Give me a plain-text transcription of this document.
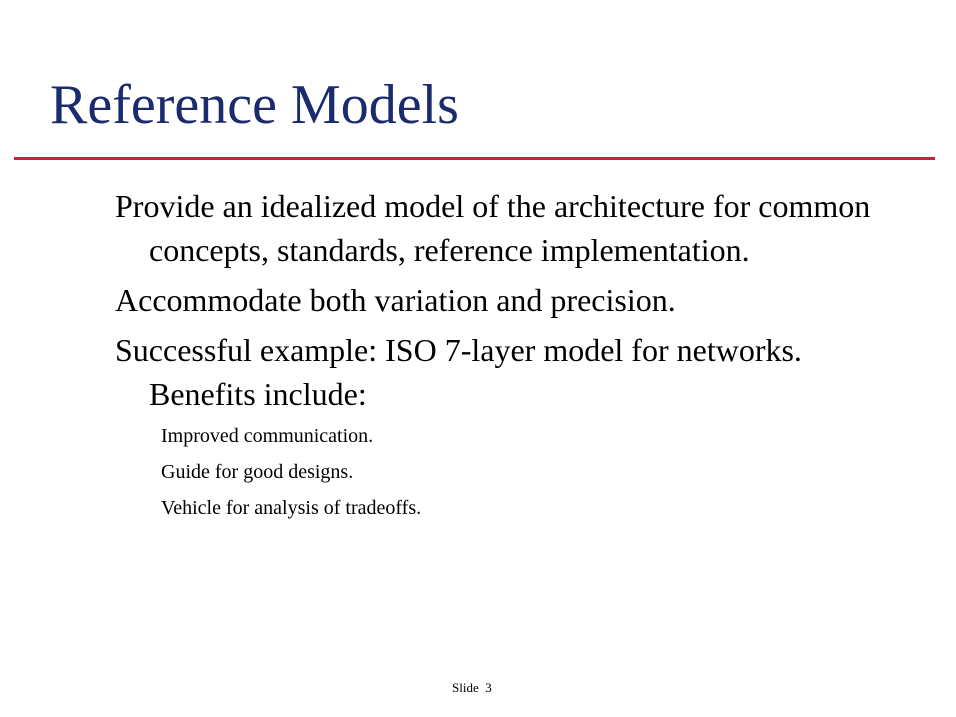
Reference Models

Provide an idealized model of the architecture for common concepts, standards, reference implementation.

Accommodate both variation and precision.

Successful example: ISO 7-layer model for networks. Benefits include:

Improved communication.

Guide for good designs.

Vehicle for analysis of tradeoffs.

Slide  3
